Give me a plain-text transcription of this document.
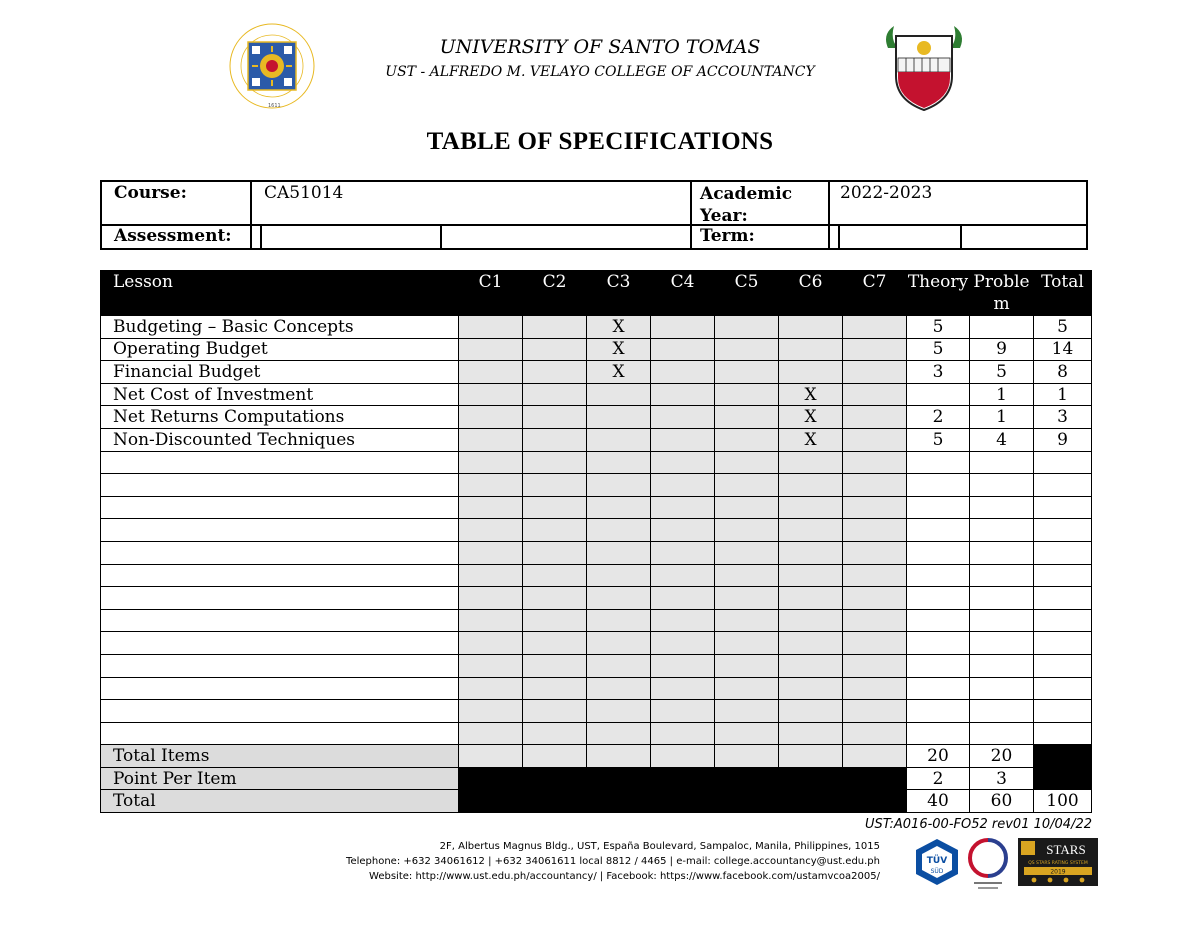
1611
UNIVERSITY OF SANTO TOMAS
UST - ALFREDO M. VELAYO COLLEGE OF ACCOUNTANCY
TABLE OF SPECIFICATIONS
Course:	CA51014	Academic Year:
2022-2023
Assessment:	Term:
Lesson	C1	C2	C3	C4	C5	C6	C7	Theory	Problem	Total
Budgeting – Basic Concepts			X					5		5
Operating Budget			X					5	9	14
Financial Budget			X					3	5	8
Net Cost of Investment						X			1	1
Net Returns Computations						X		2	1	3
Non-Discounted Techniques						X		5	4	9

Total Items								20	20	
Point Per Item								2	3	
Total								40	60	100
UST:A016-00-FO52 rev01 10/04/22
2F, Albertus Magnus Bldg., UST, España Boulevard, Sampaloc, Manila, Philippines, 1015
Telephone: +632 34061612 | +632 34061611 local 8812 / 4465 | e-mail: college.accountancy@ust.edu.ph
Website: http://www.ust.edu.ph/accountancy/ | Facebook: https://www.facebook.com/ustamvcoa2005/
TÜV
SÜD
STARS
QS STARS RATING SYSTEM
2019
